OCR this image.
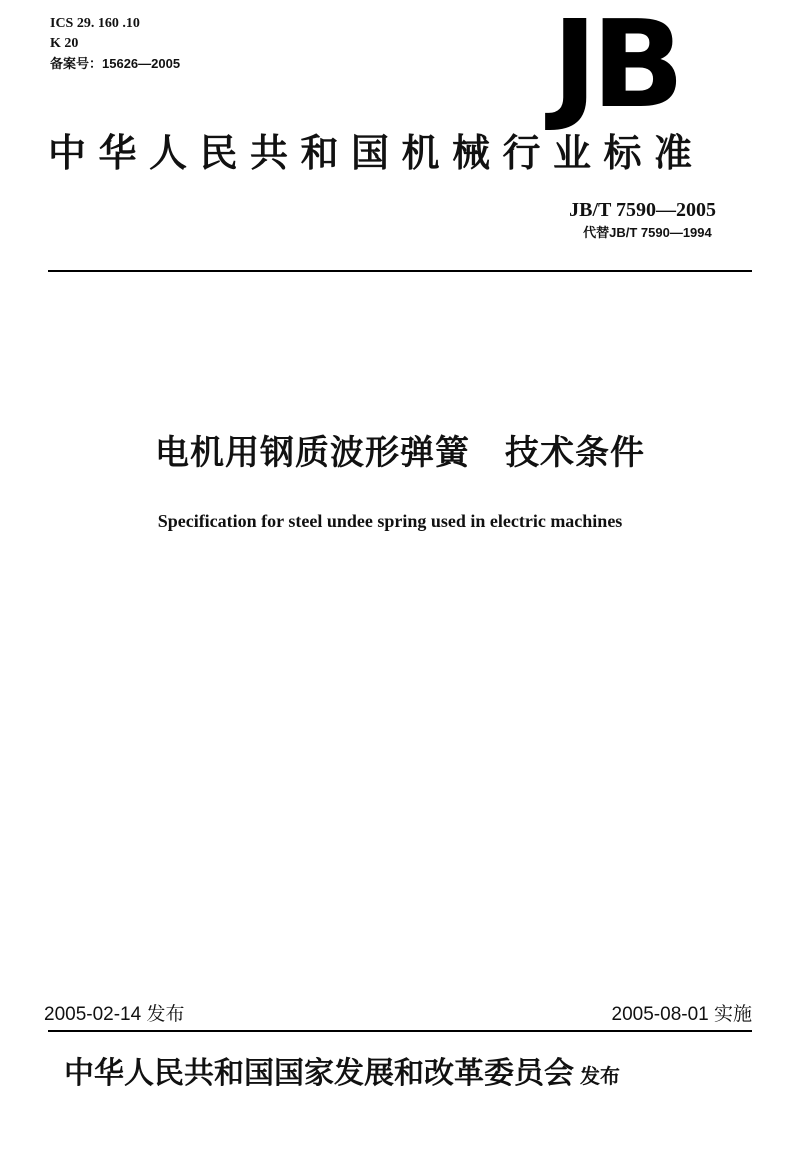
ICS 29. 160 .10
K 20
备案号：15626—2005	JB
中华人民共和国机械行业标准
JB/T 7590—2005
代替JB/T 7590—1994
电机用钢质波形弹簧　技术条件
Specification for steel undee spring used in electric machines
2005-02-14 发布	2005-08-01 实施
中华人民共和国国家发展和改革委员会 发布
